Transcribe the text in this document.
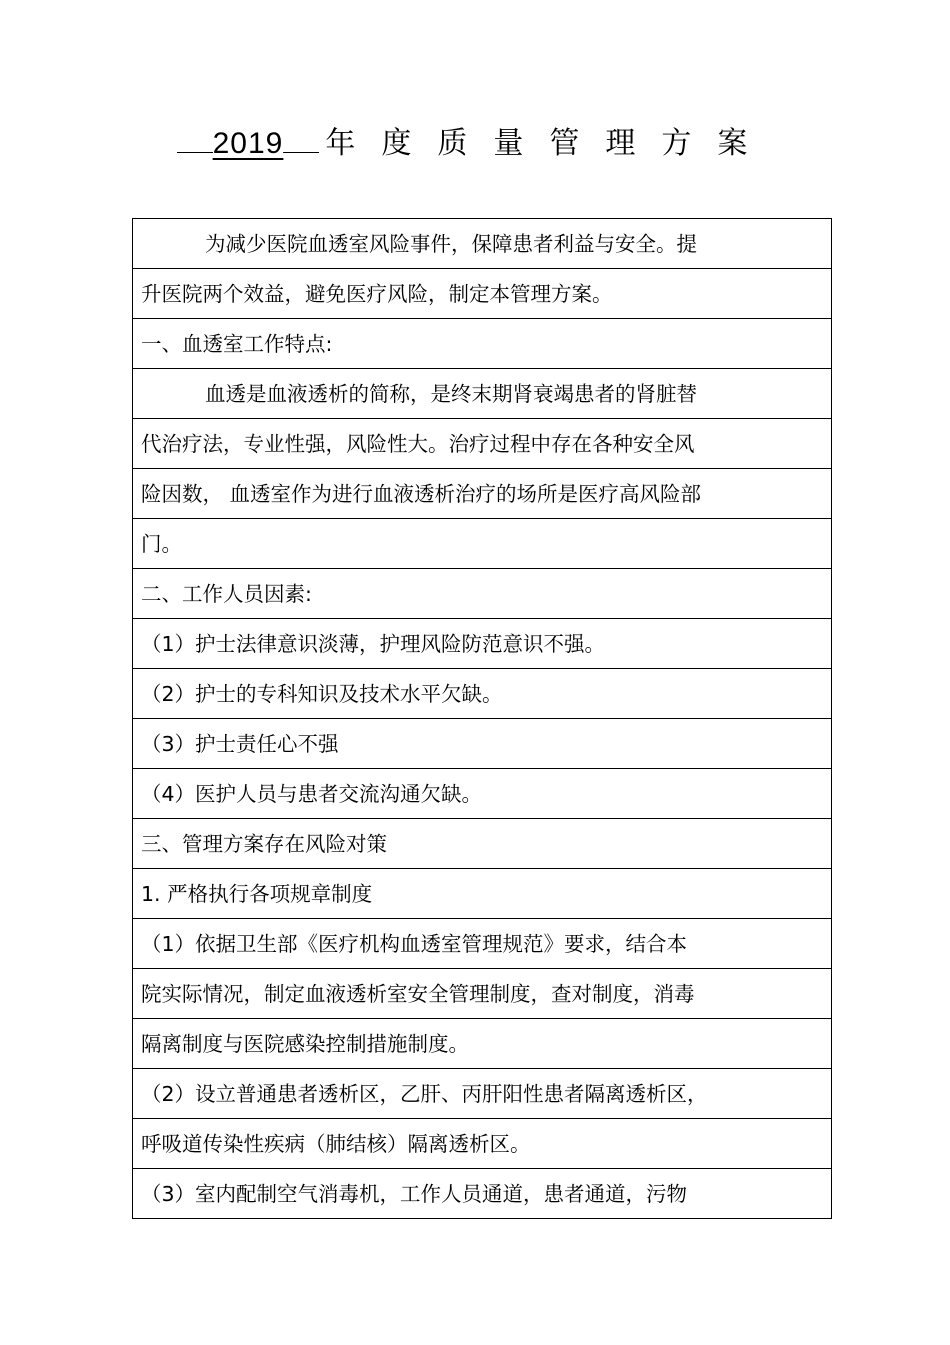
2019 年度质量管理方案
为减少医院血透室风险事件，保障患者利益与安全。提
升医院两个效益，避免医疗风险，制定本管理方案。
一、血透室工作特点:
血透是血液透析的简称，是终末期肾衰竭患者的肾脏替
代治疗法，专业性强，风险性大。治疗过程中存在各种安全风
险因数， 血透室作为进行血液透析治疗的场所是医疗高风险部
门。
二、工作人员因素:
（1）护士法律意识淡薄，护理风险防范意识不强。
（2）护士的专科知识及技术水平欠缺。
（3）护士责任心不强
（4）医护人员与患者交流沟通欠缺。
三、管理方案存在风险对策
1. 严格执行各项规章制度
（1）依据卫生部《医疗机构血透室管理规范》要求，结合本
院实际情况，制定血液透析室安全管理制度，查对制度，消毒
隔离制度与医院感染控制措施制度。
（2）设立普通患者透析区，乙肝、丙肝阳性患者隔离透析区，
呼吸道传染性疾病（肺结核）隔离透析区。
（3）室内配制空气消毒机，工作人员通道，患者通道，污物
